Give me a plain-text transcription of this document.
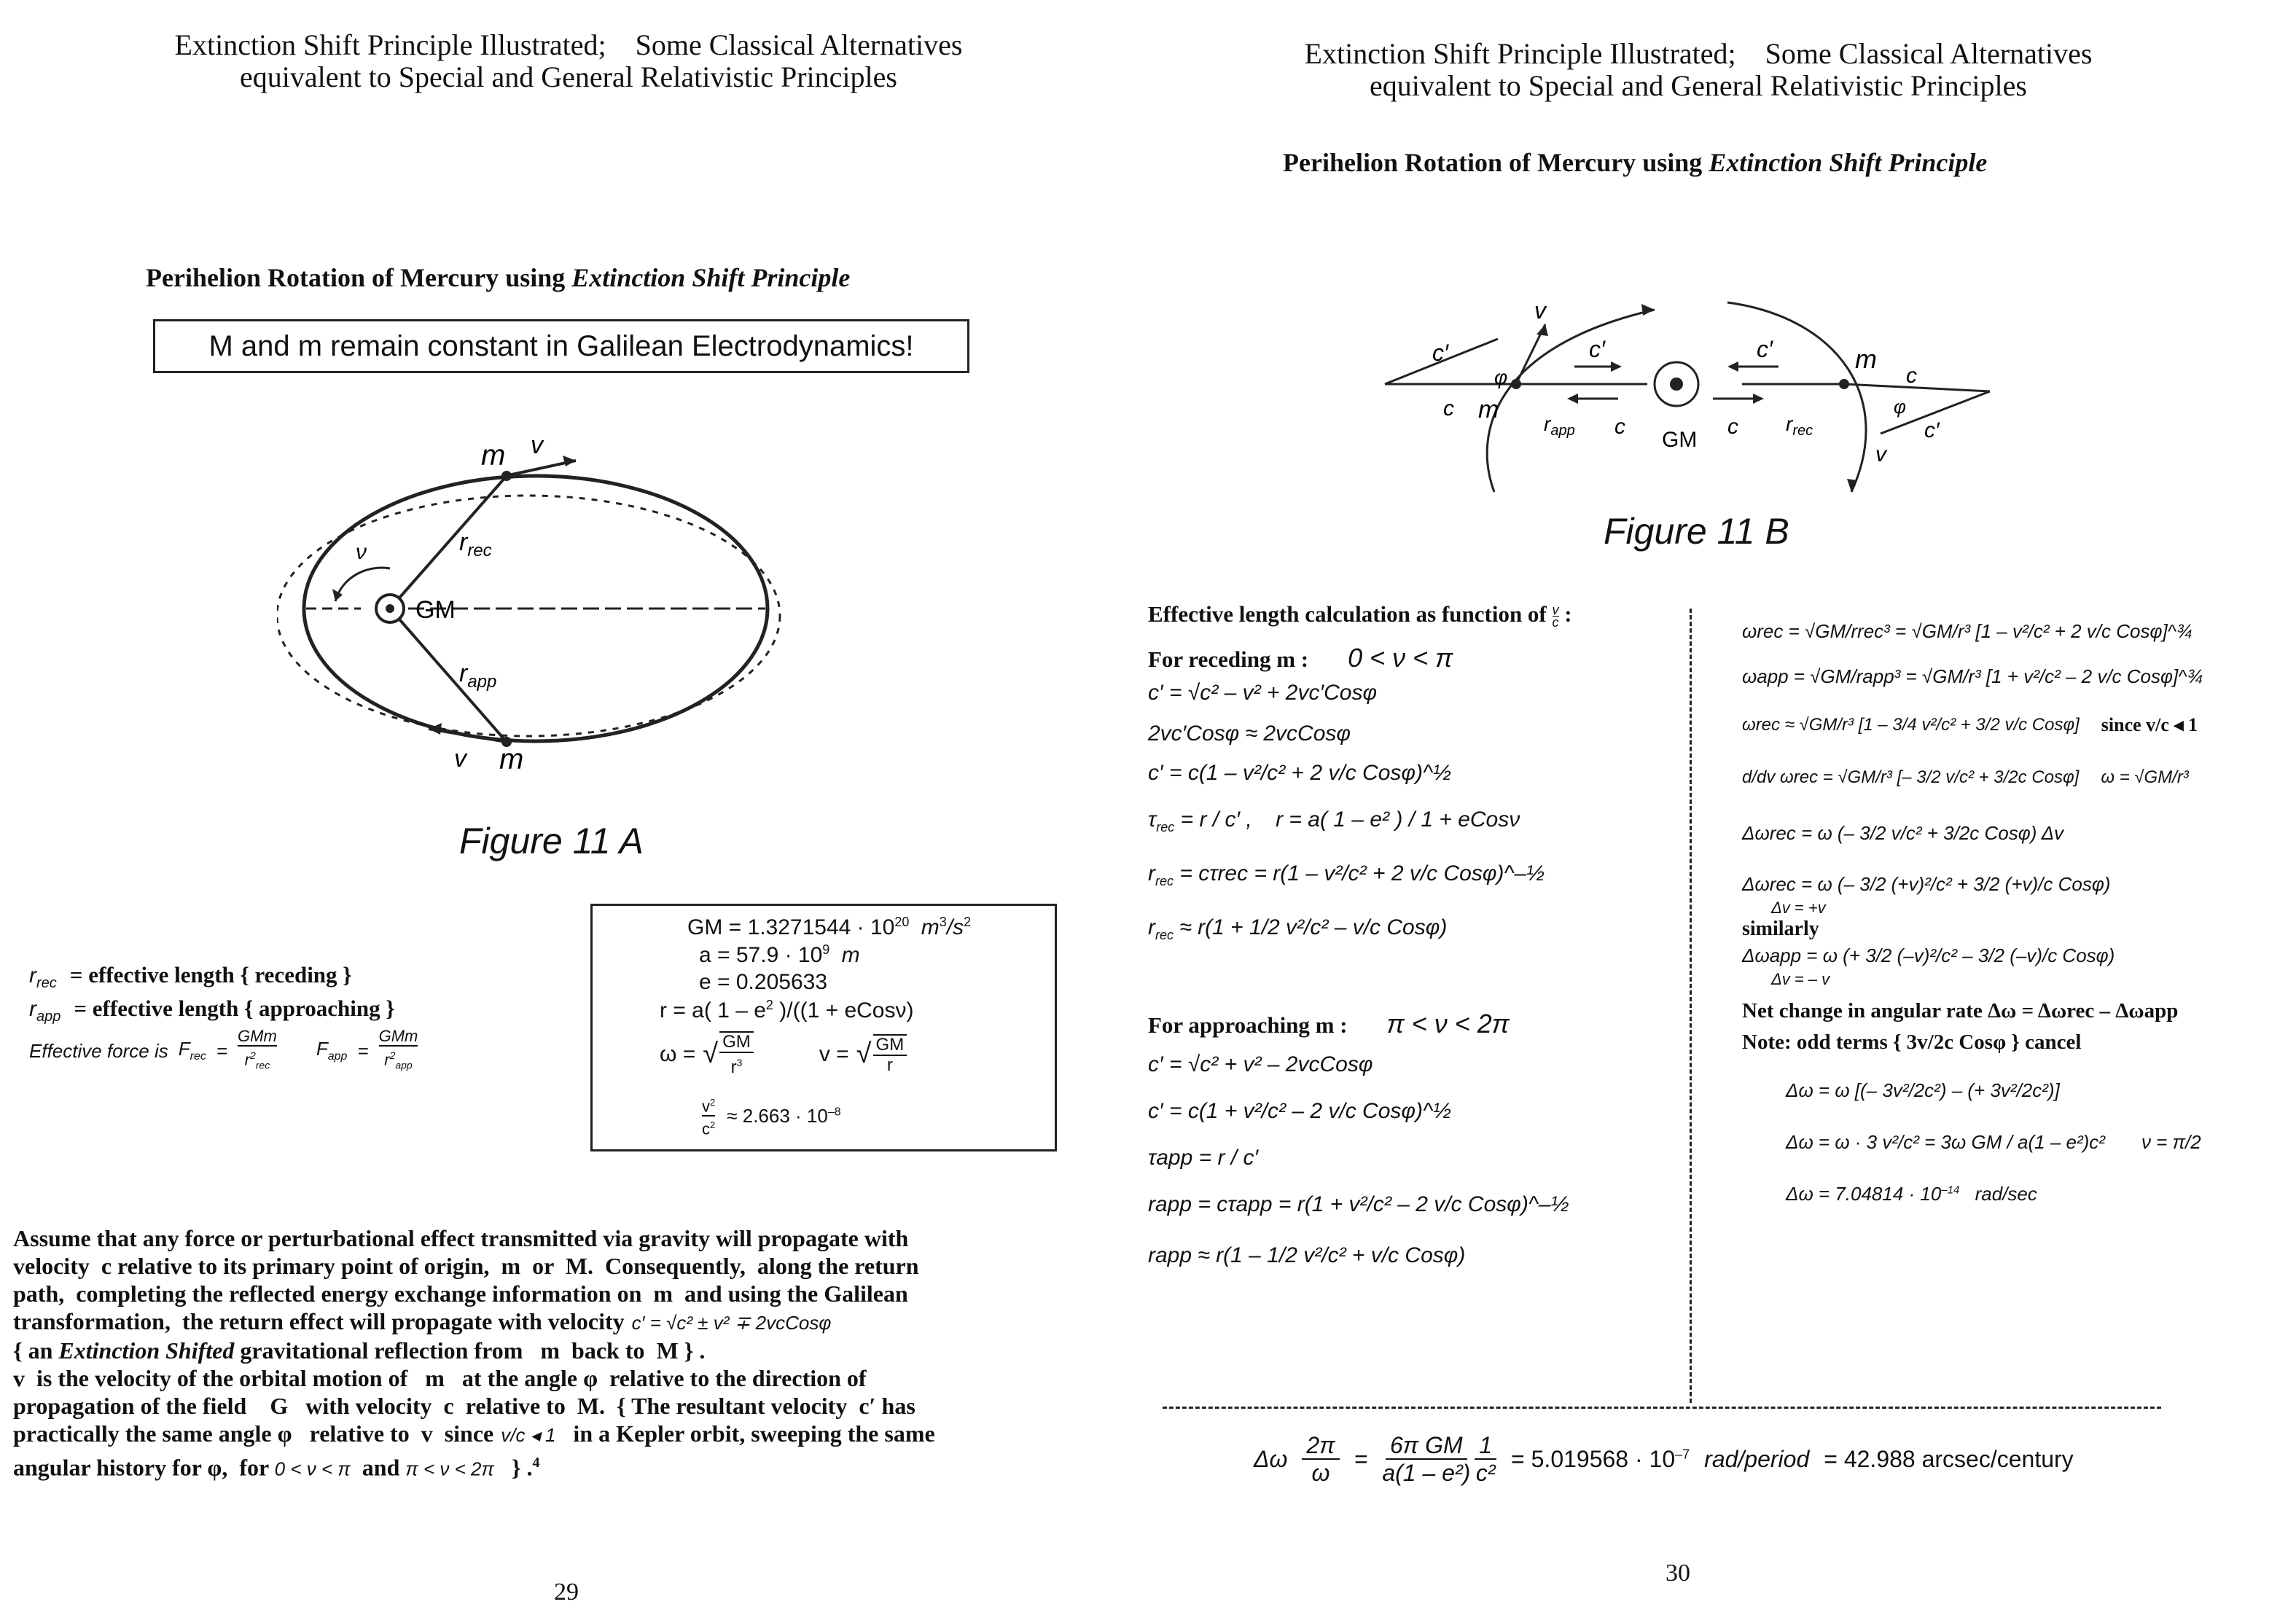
Extinction Shift Principle Illustrated;    Some Classical Alternatives
equivalent to Special and General Relativistic Principles
Perihelion Rotation of Mercury using Extinction Shift Principle
M and m remain constant in Galilean Electrodynamics!
m v
ν	$r_{rec}$
GM
$r_{app}$
v m
Figure 11 A
$r_{rec}$ = effective length { receding }
$r_{app}$ = effective length { approaching }
Effective force is $F_{rec}$ =
GMm
$r^2_{rec}$
$F_{app}$ =
GMm
$r^2_{app}$
GM = $1.3271544 \cdot 10^{20}$ $m^3/s^2$
$a = 57.9 \cdot 10^9$ m
e = 0.205633
r = a( $1 - e^2$ )/((1 + eCosν)
ω = √ GM
$r^3$	v = √ GM
r
$\frac{v^2}{c^2} \approx 2.663 \cdot 10^{-8}$
Assume that any force or perturbational effect transmitted via gravity will propagate with
velocity  c relative to its primary point of origin,  m  or  M.  Consequently,  along the return
path,  completing the reflected energy exchange information on  m  and using the Galilean
transformation,  the return effect will propagate with velocity c′ = √c² ± v² ∓ 2vcCosφ
{ an Extinction Shifted gravitational reflection from   m  back to  M } .
v  is the velocity of the orbital motion of   m   at the angle φ  relative to the direction of
propagation of the field    G   with velocity  c  relative to  M.  { The resultant velocity  c′ has
practically the same angle φ   relative to  v  since v/c ◂ 1   in a Kepler orbit, sweeping the same
angular history for φ,  for 0 < ν < π  and π < ν < 2π   } .$^4$
29
Extinction Shift Principle Illustrated;    Some Classical Alternatives
equivalent to Special and General Relativistic Principles
Perihelion Rotation of Mercury using Extinction Shift Principle
c′
v
c m
φ
c′	c′
$r_{app}$ c
GM
c $r_{rec}$
m
c
φ
c′
v
Figure 11 B
Effective length calculation as function of $\frac{v}{c}$ :
For receding m : 0 < ν < π
c′ = √c² – v² + 2vc′Cosφ
2vc′Cosφ ≈ 2vcCosφ
c′ = c(1 – v²/c² + 2 v/c Cosφ)^½
$\tau_{rec} = r / c'$ , r = a( 1 – e² ) / 1 + eCosν
$r_{rec} = c\tau rec = r(1 - v^2/c^2 + 2$ v/c Cosφ)^–½
$r_{rec} \approx r(1 + 1/2$ v²/c² – v/c Cosφ)
For approaching m : π < ν < 2π
c′ = √c² + v² – 2vcCosφ
c′ = c(1 + v²/c² – 2 v/c Cosφ)^½
τapp = r / c′
rapp = cτapp = r(1 + v²/c² – 2 v/c Cosφ)^–½
rapp ≈ r(1 – 1/2 v²/c² + v/c Cosφ)
ωrec = √GM/rrec³ = √GM/r³ [1 – v²/c² + 2 v/c Cosφ]^¾
ωapp = √GM/rapp³ = √GM/r³ [1 + v²/c² – 2 v/c Cosφ]^¾
ωrec ≈ √GM/r³ [1 – 3/4 v²/c² + 3/2 v/c Cosφ] since v/c ◂ 1
d/dv ωrec = √GM/r³ [– 3/2 v/c² + 3/2c Cosφ] ω = √GM/r³
Δωrec = ω (– 3/2 v/c² + 3/2c Cosφ) Δv
Δωrec = ω (– 3/2 (+v)²/c² + 3/2 (+v)/c Cosφ)
Δv = +v
similarly
Δωapp = ω (+ 3/2 (–v)²/c² – 3/2 (–v)/c Cosφ)
Δv = – v
Net change in angular rate Δω = Δωrec – Δωapp
Note: odd terms { 3v/2c Cosφ } cancel
Δω = ω [(– 3v²/2c²) – (+ 3v²/2c²)]
Δω = ω · 3 v²/c² = 3ω GM / a(1 – e²)c² ν = π/2
$\Delta\omega = 7.04814 \cdot 10^{-14}$ rad/sec
Δω $\frac{2\pi}{\omega} = \frac{\text{6π GM}}{\text{a(1 – e²)}} \frac{1}{\text{c²}} = 5.019568 \cdot 10^{-7}$ rad/period = 42.988 arcsec/century
30
